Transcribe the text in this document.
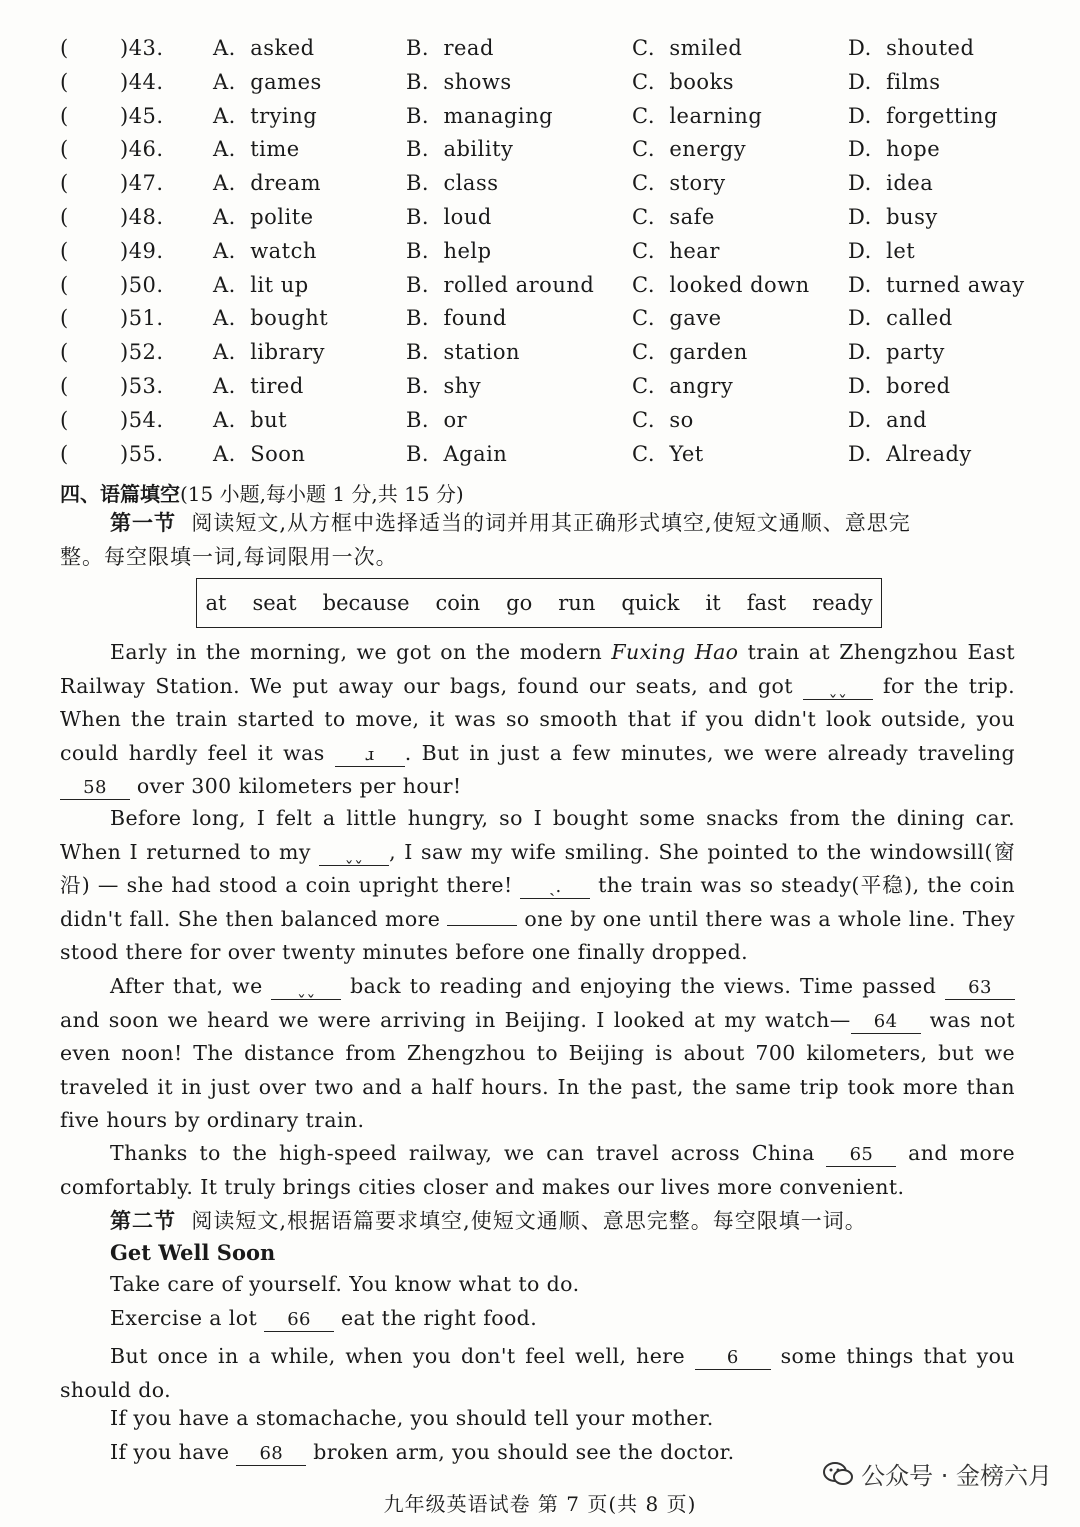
( )43. A.  asked	B.  read	C.  smiled	D.  shouted
( )44. A.  games	B.  shows	C.  books	D.  films
( )45. A.  trying	B.  managing	C.  learning	D.  forgetting
( )46. A.  time	B.  ability	C.  energy	D.  hope
( )47. A.  dream	B.  class	C.  story	D.  idea
( )48. A.  polite	B.  loud	C.  safe	D.  busy
( )49. A.  watch	B.  help	C.  hear	D.  let
( )50. A.  lit up	B.  rolled around C.  looked down D.  turned away
( )51. A.  bought	B.  found	C.  gave	D.  called
( )52. A.  library	B.  station	C.  garden	D.  party
( )53. A.  tired	B.  shy	C.  angry	D.  bored
( )54. A.  but	B.  or	C.  so	D.  and
( )55. A.  Soon	B.  Again	C.  Yet	D.  Already
四、语篇填空(15 小题,每小题 1 分,共 15 分)
第一节 阅读短文,从方框中选择适当的词并用其正确形式填空,使短文通顺、意思完
整。每空限填一词,每词限用一次。
at seat because coin go run quick it fast ready
Early in the morning, we got on the modern Fuxing Hao train at Zhengzhou East Railway Station. We put away our bags, found our seats, and got ˯˯ for the trip. When the train started to move, it was so smooth that if you didn't look outside, you could hardly feel it was ɹ . But in just a few minutes, we were already traveling 58 over 300 kilometers per hour!
Before long, I felt a little hungry, so I bought some snacks from the dining car. When I returned to my ˯˯ , I saw my wife smiling. She pointed to the windowsill(窗沿) — she had stood a coin upright there! ˏ. the train was so steady(平稳), the coin didn't fall. She then balanced more	one by one until there was a whole line. They stood there for over twenty minutes before one finally dropped.
After that, we ˯˯ back to reading and enjoying the views. Time passed 63 and soon we heard we were arriving in Beijing. I looked at my watch— 64 was not even noon! The distance from Zhengzhou to Beijing is about 700 kilometers, but we traveled it in just over two and a half hours. In the past, the same trip took more than five hours by ordinary train.
Thanks to the high-speed railway, we can travel across China 65 and more comfortably. It truly brings cities closer and makes our lives more convenient.
第二节 阅读短文,根据语篇要求填空,使短文通顺、意思完整。每空限填一词。
Get Well Soon
Take care of yourself. You know what to do.
Exercise a lot 66 eat the right food.
But once in a while, when you don't feel well, here 6 some things that you should do.
If you have a stomachache, you should tell your mother.
If you have 68 broken arm, you should see the doctor.
公众号 · 金榜六月
九年级英语试卷 第 7 页(共 8 页)
